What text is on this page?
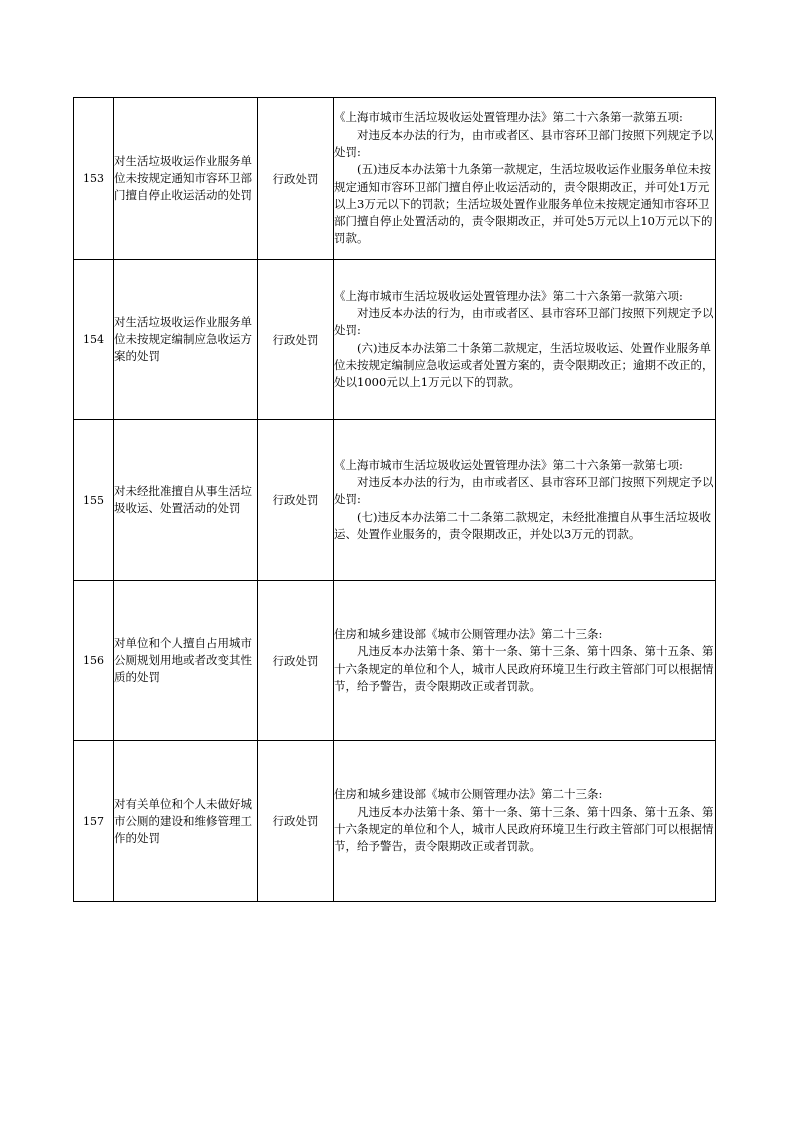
153	对生活垃圾收运作业服务单位未按规定通知市容环卫部门擅自停止收运活动的处罚	行政处罚	《上海市城市生活垃圾收运处置管理办法》第二十六条第一款第五项:

对违反本办法的行为，由市或者区、县市容环卫部门按照下列规定予以处罚:

(五)违反本办法第十九条第一款规定，生活垃圾收运作业服务单位未按规定通知市容环卫部门擅自停止收运活动的，责令限期改正，并可处1万元以上3万元以下的罚款；生活垃圾处置作业服务单位未按规定通知市容环卫部门擅自停止处置活动的，责令限期改正，并可处5万元以上10万元以下的罚款。

154	对生活垃圾收运作业服务单位未按规定编制应急收运方案的处罚	行政处罚	《上海市城市生活垃圾收运处置管理办法》第二十六条第一款第六项:

对违反本办法的行为，由市或者区、县市容环卫部门按照下列规定予以处罚:

(六)违反本办法第二十条第二款规定，生活垃圾收运、处置作业服务单位未按规定编制应急收运或者处置方案的，责令限期改正；逾期不改正的，处以1000元以上1万元以下的罚款。

155	对未经批准擅自从事生活垃圾收运、处置活动的处罚	行政处罚	《上海市城市生活垃圾收运处置管理办法》第二十六条第一款第七项:

对违反本办法的行为，由市或者区、县市容环卫部门按照下列规定予以处罚:

(七)违反本办法第二十二条第二款规定，未经批准擅自从事生活垃圾收运、处置作业服务的，责令限期改正，并处以3万元的罚款。

156	对单位和个人擅自占用城市公厕规划用地或者改变其性质的处罚	行政处罚	住房和城乡建设部《城市公厕管理办法》第二十三条:

凡违反本办法第十条、第十一条、第十三条、第十四条、第十五条、第十六条规定的单位和个人，城市人民政府环境卫生行政主管部门可以根据情节，给予警告，责令限期改正或者罚款。

157	对有关单位和个人未做好城市公厕的建设和维修管理工作的处罚	行政处罚	住房和城乡建设部《城市公厕管理办法》第二十三条:

凡违反本办法第十条、第十一条、第十三条、第十四条、第十五条、第十六条规定的单位和个人，城市人民政府环境卫生行政主管部门可以根据情节，给予警告，责令限期改正或者罚款。
